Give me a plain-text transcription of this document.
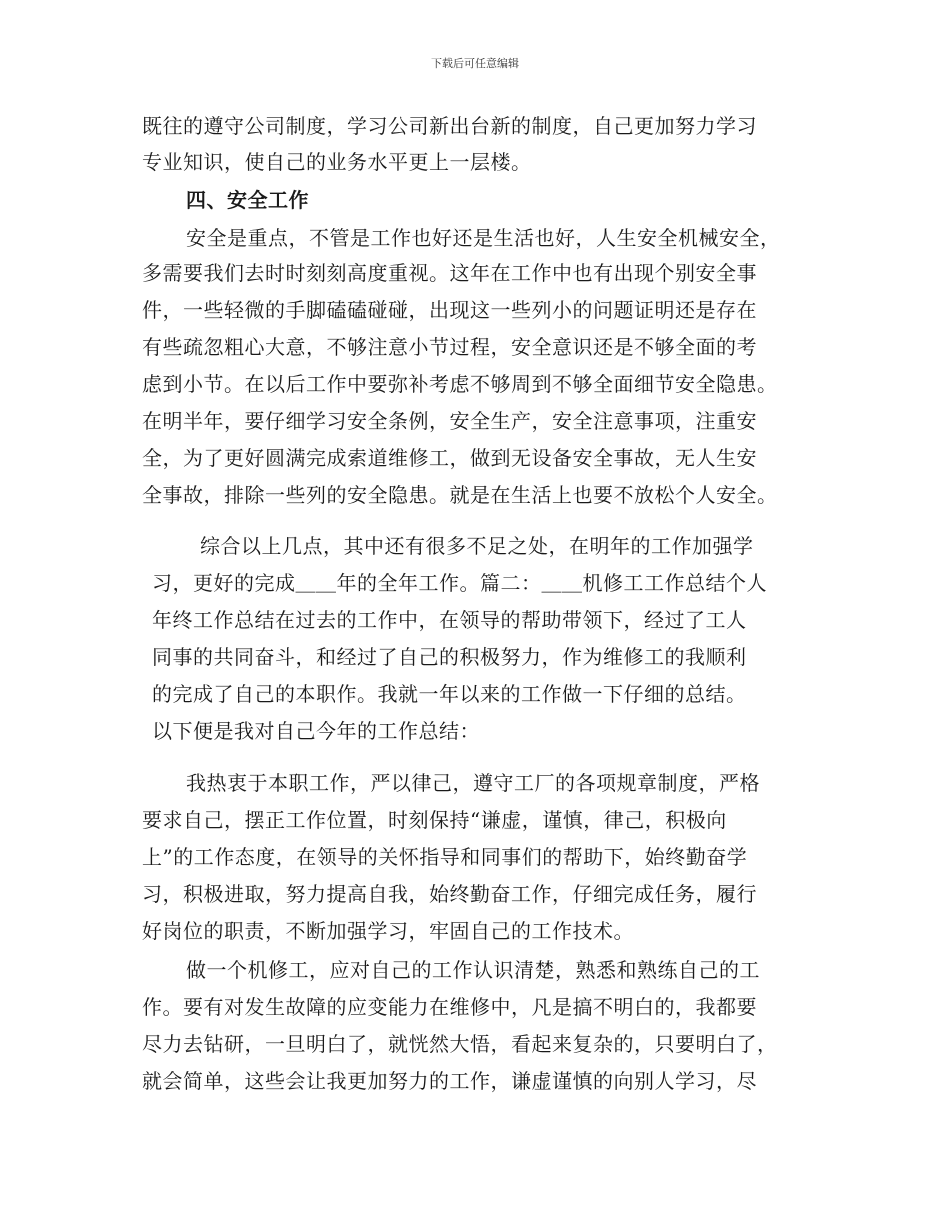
下载后可任意编辑
既往的遵守公司制度，学习公司新出台新的制度，自己更加努力学习
专业知识，使自己的业务水平更上一层楼。
四、安全工作
安全是重点，不管是工作也好还是生活也好，人生安全机械安全，
多需要我们去时时刻刻高度重视。这年在工作中也有出现个别安全事
件，一些轻微的手脚磕磕碰碰，出现这一些列小的问题证明还是存在
有些疏忽粗心大意，不够注意小节过程，安全意识还是不够全面的考
虑到小节。在以后工作中要弥补考虑不够周到不够全面细节安全隐患。
在明半年，要仔细学习安全条例，安全生产，安全注意事项，注重安
全，为了更好圆满完成索道维修工，做到无设备安全事故，无人生安
全事故，排除一些列的安全隐患。就是在生活上也要不放松个人安全。
综合以上几点，其中还有很多不足之处，在明年的工作加强学
习，更好的完成＿＿年的全年工作。篇二：＿＿机修工工作总结个人
年终工作总结在过去的工作中，在领导的帮助带领下，经过了工人
同事的共同奋斗，和经过了自己的积极努力，作为维修工的我顺利
的完成了自己的本职作。我就一年以来的工作做一下仔细的总结。
以下便是我对自己今年的工作总结：
我热衷于本职工作，严以律己，遵守工厂的各项规章制度，严格
要求自己，摆正工作位置，时刻保持“谦虚，谨慎，律己，积极向
上”的工作态度，在领导的关怀指导和同事们的帮助下，始终勤奋学
习，积极进取，努力提高自我，始终勤奋工作，仔细完成任务，履行
好岗位的职责，不断加强学习，牢固自己的工作技术。
做一个机修工，应对自己的工作认识清楚，熟悉和熟练自己的工
作。要有对发生故障的应变能力在维修中，凡是搞不明白的，我都要
尽力去钻研，一旦明白了，就恍然大悟，看起来复杂的，只要明白了，
就会简单，这些会让我更加努力的工作，谦虚谨慎的向别人学习，尽
